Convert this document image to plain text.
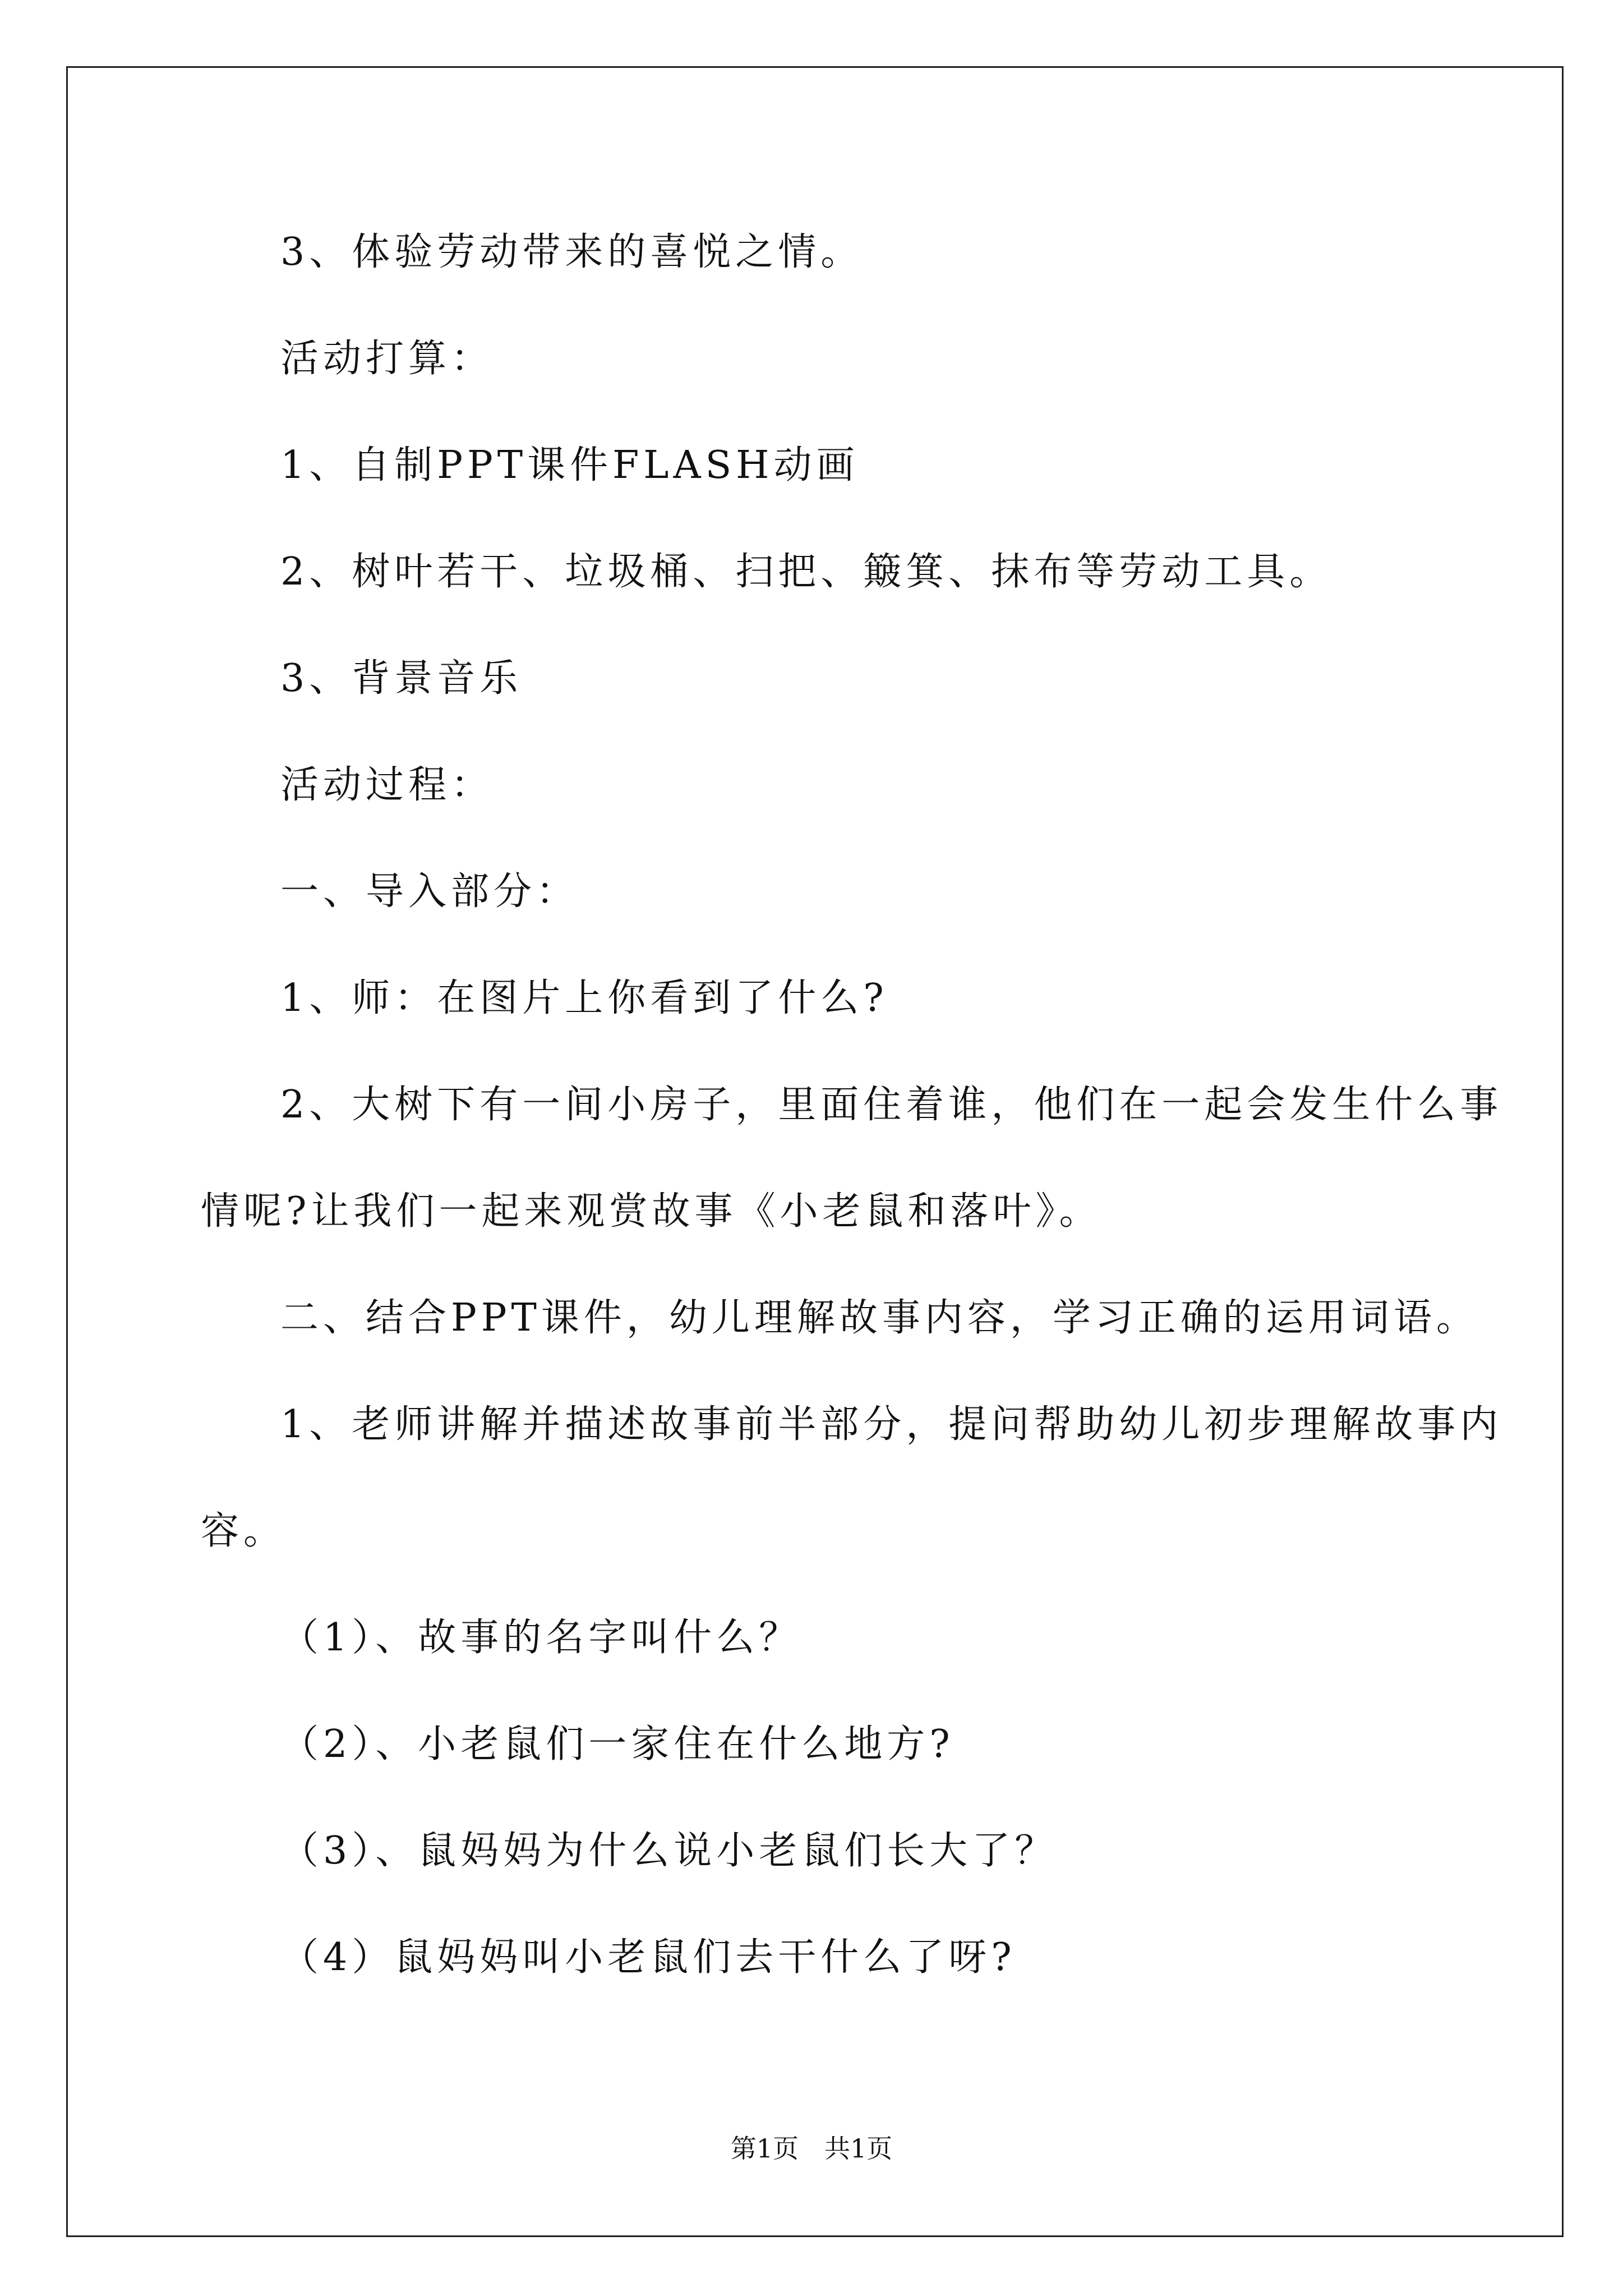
3、体验劳动带来的喜悦之情。
活动打算：
1、自制PPT课件FLASH动画
2、树叶若干、垃圾桶、扫把、簸箕、抹布等劳动工具。
3、背景音乐
活动过程：
一、导入部分：
1、师：在图片上你看到了什么?
2、大树下有一间小房子，里面住着谁，他们在一起会发生什么事
情呢?让我们一起来观赏故事《小老鼠和落叶》。
二、结合PPT课件，幼儿理解故事内容，学习正确的运用词语。
1、老师讲解并描述故事前半部分，提问帮助幼儿初步理解故事内
容。
（1）、故事的名字叫什么？
（2）、小老鼠们一家住在什么地方?
（3）、鼠妈妈为什么说小老鼠们长大了？
（4）鼠妈妈叫小老鼠们去干什么了呀?
第1页　共1页
